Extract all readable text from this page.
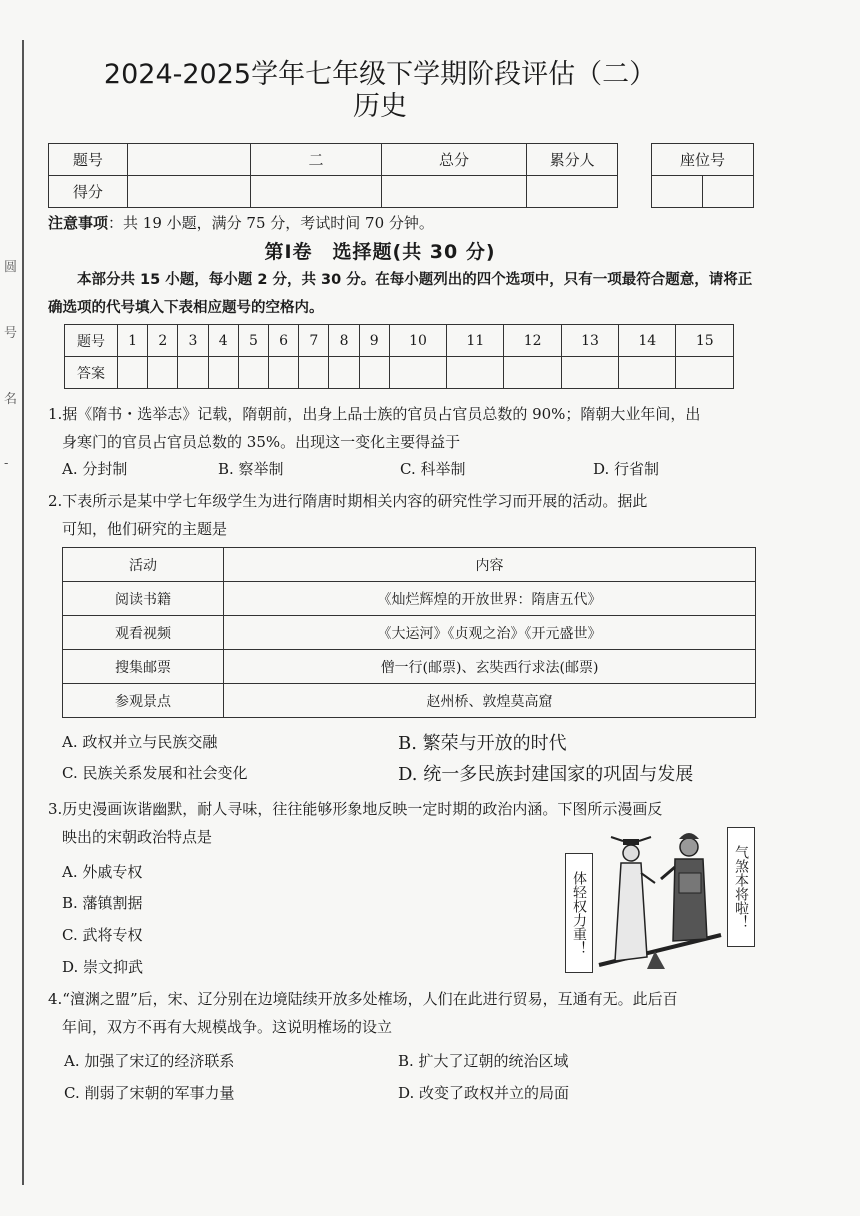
圆
号
名
-
2024-2025学年七年级下学期阶段评估（二）
历史
题号		二	总分	累分人
得分				
座位号

注意事项：共 19 小题，满分 75 分，考试时间 70 分钟。
第Ⅰ卷　选择题(共 30 分)
本部分共 15 小题，每小题 2 分，共 30 分。在每小题列出的四个选项中，只有一项最符合题意，请将正确选项的代号填入下表相应题号的空格内。
题号	1	2	3	4	5	6	7	8	9	10	11	12	13	14	15
答案															
1.据《隋书・选举志》记载，隋朝前，出身上品士族的官员占官员总数的 90%；隋朝大业年间，出
身寒门的官员占官员总数的 35%。出现这一变化主要得益于
A. 分封制	B. 察举制	C. 科举制	D. 行省制
2.下表所示是某中学七年级学生为进行隋唐时期相关内容的研究性学习而开展的活动。据此
可知，他们研究的主题是
活动	内容
阅读书籍	《灿烂辉煌的开放世界：隋唐五代》
观看视频	《大运河》《贞观之治》《开元盛世》
搜集邮票	僧一行(邮票)、玄奘西行求法(邮票)
参观景点	赵州桥、敦煌莫高窟
A. 政权并立与民族交融	B. 繁荣与开放的时代
C. 民族关系发展和社会变化	D. 统一多民族封建国家的巩固与发展
3.历史漫画诙谐幽默，耐人寻味，往往能够形象地反映一定时期的政治内涵。下图所示漫画反
映出的宋朝政治特点是
A. 外戚专权
B. 藩镇割据
C. 武将专权
D. 崇文抑武
体轻权力重！	气煞本将啦！
4.“澶渊之盟”后，宋、辽分别在边境陆续开放多处榷场，人们在此进行贸易，互通有无。此后百
年间，双方不再有大规模战争。这说明榷场的设立
A. 加强了宋辽的经济联系	B. 扩大了辽朝的统治区域
C. 削弱了宋朝的军事力量	D. 改变了政权并立的局面
